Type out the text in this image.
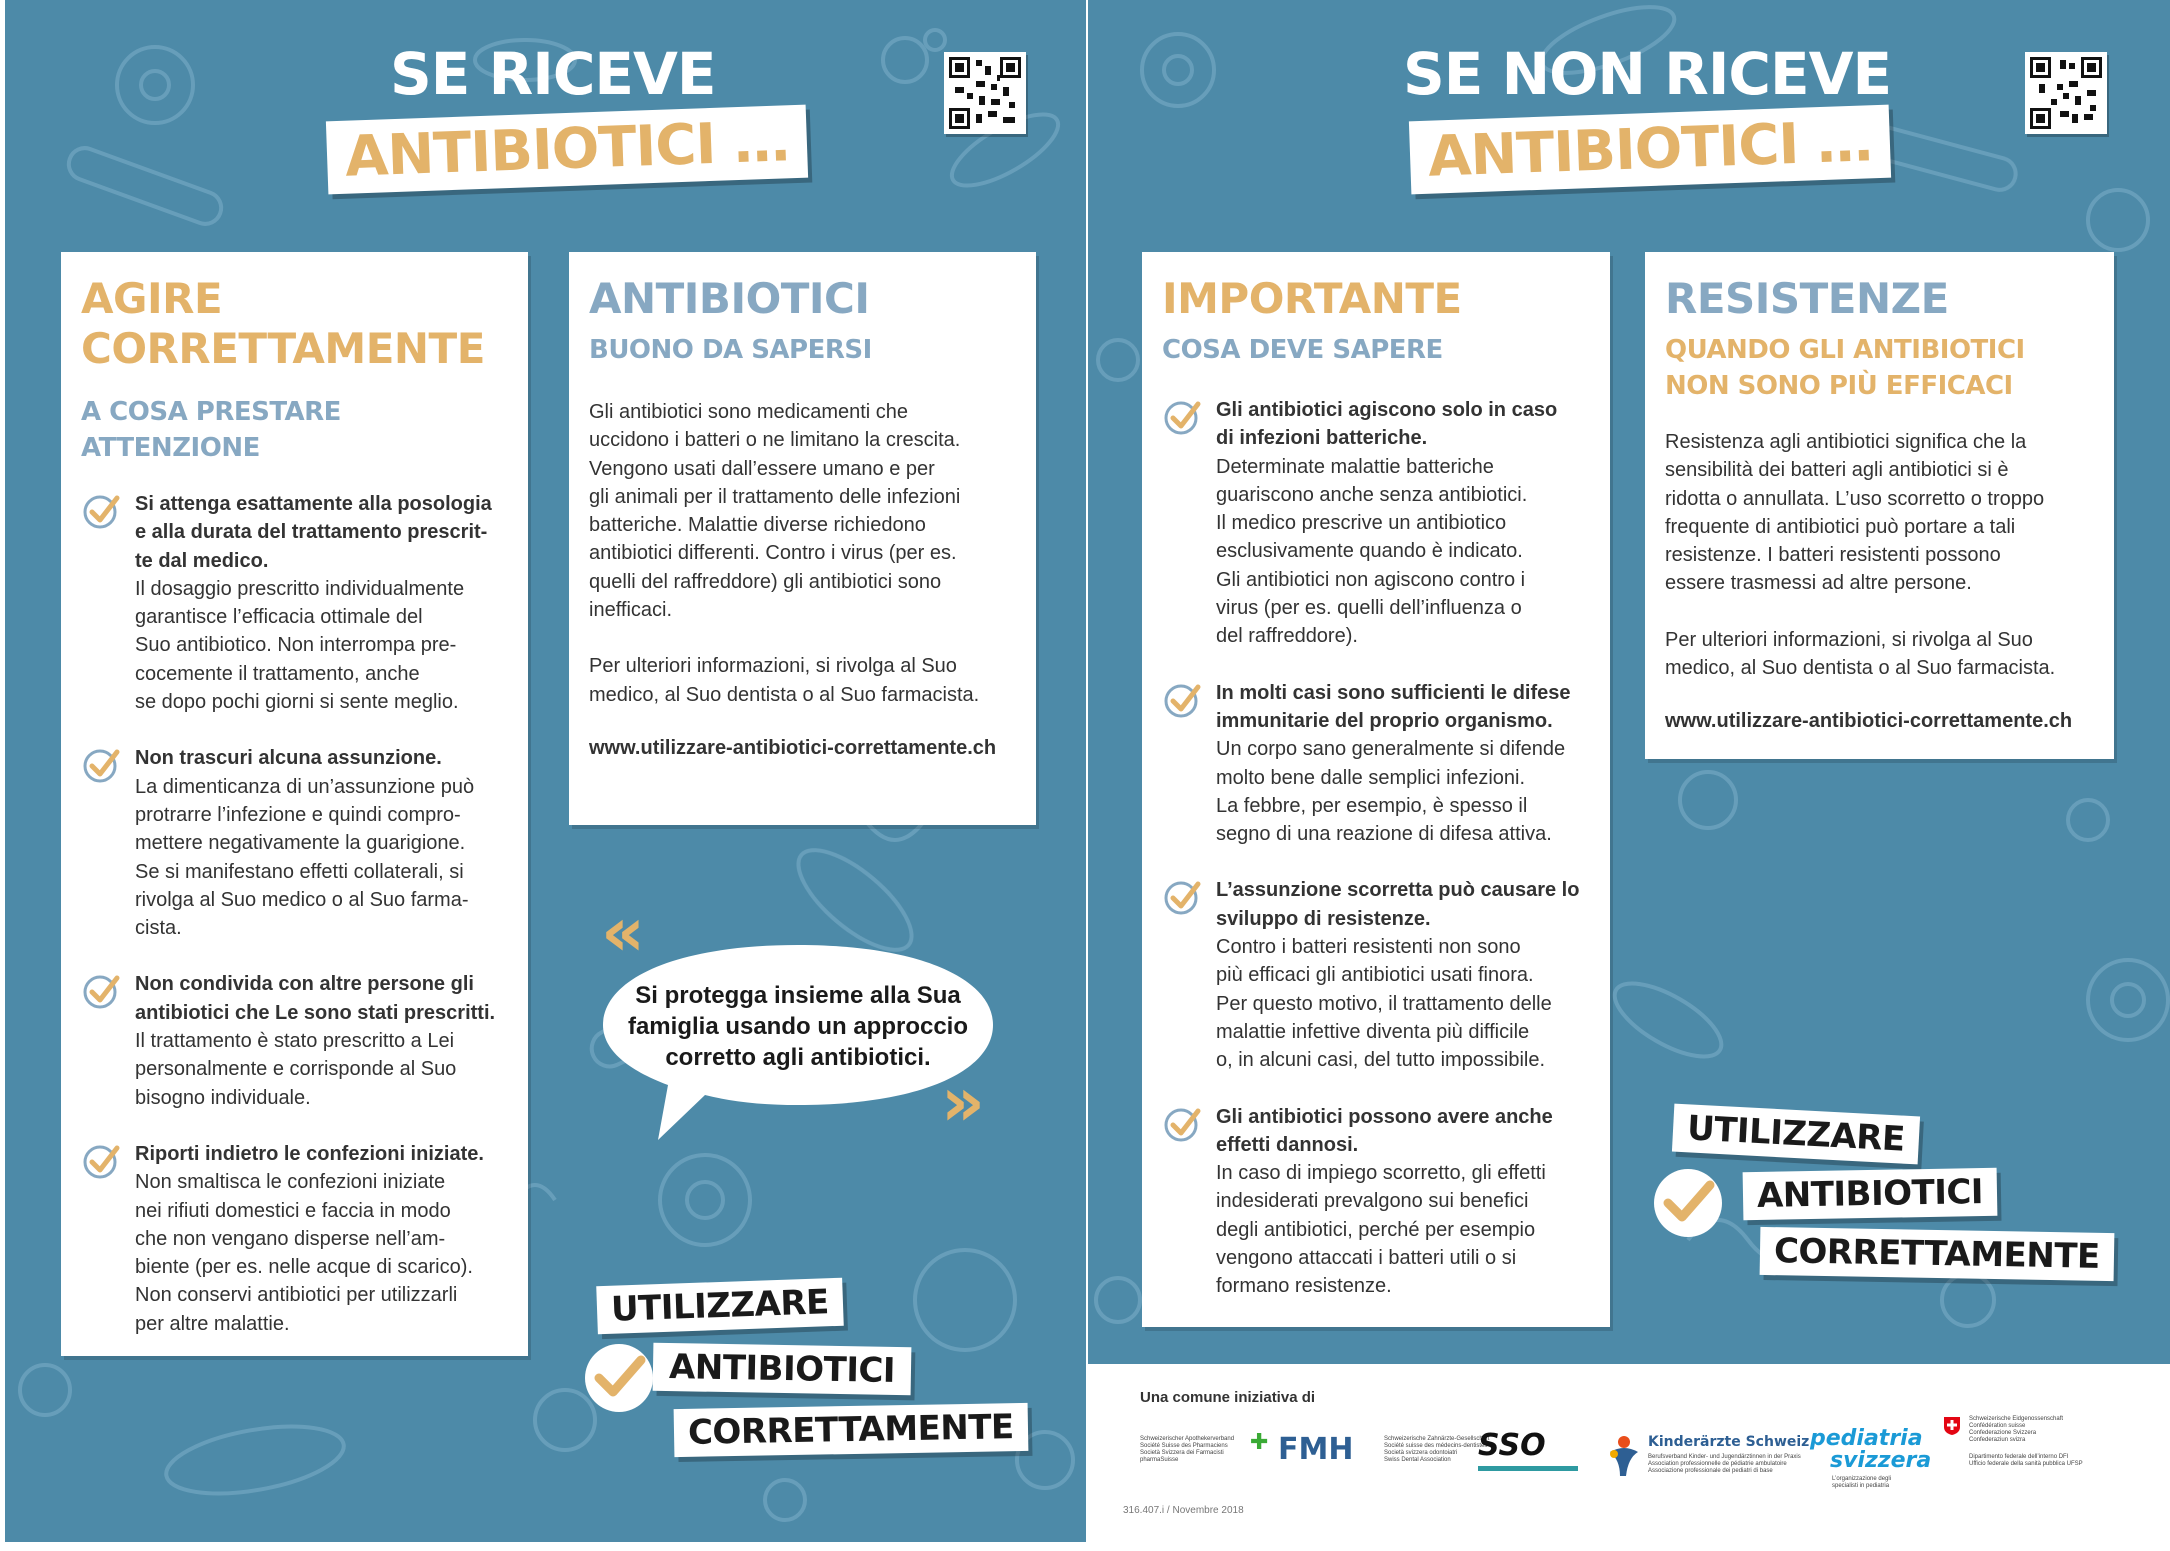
SE RICEVE
ANTIBIOTICI …
AGIRE
CORRETTAMENTE
A COSA PRESTARE
ATTENZIONE
Si attenga esattamente alla posologia
e alla durata del trattamento prescrit-
te dal medico.
Il dosaggio prescritto individualmente
garantisce l’efficacia ottimale del
Suo antibiotico. Non interrompa pre-
cocemente il trattamento, anche
se dopo pochi giorni si sente meglio.
Non trascuri alcuna assunzione.
La dimenticanza di un’assunzione può
protrarre l’infezione e quindi compro-
mettere negativamente la guarigione.
Se si manifestano effetti collaterali, si
rivolga al Suo medico o al Suo farma-
cista.
Non condivida con altre persone gli
antibiotici che Le sono stati prescritti.
Il trattamento è stato prescritto a Lei
personalmente e corrisponde al Suo
bisogno individuale.
Riporti indietro le confezioni iniziate.
Non smaltisca le confezioni iniziate
nei rifiuti domestici e faccia in modo
che non vengano disperse nell’am-
biente (per es. nelle acque di scarico).
Non conservi antibiotici per utilizzarli
per altre malattie.
ANTIBIOTICI
BUONO DA SAPERSI

Gli antibiotici sono medicamenti che
uccidono i batteri o ne limitano la crescita.
Vengono usati dall’essere umano e per
gli animali per il trattamento delle infezioni
batteriche. Malattie diverse richiedono
antibiotici differenti. Contro i virus (per es.
quelli del raffreddore) gli antibiotici sono
inefficaci.

Per ulteriori informazioni, si rivolga al Suo
medico, al Suo dentista o al Suo farmacista.

www.utilizzare-antibiotici-correttamente.ch
«
»
Si protegga insieme alla Sua
famiglia usando un approccio
corretto agli antibiotici.
UTILIZZARE
ANTIBIOTICI
CORRETTAMENTE
SE NON RICEVE
ANTIBIOTICI …
IMPORTANTE
COSA DEVE SAPERE
Gli antibiotici agiscono solo in caso
di infezioni batteriche.
Determinate malattie batteriche
guariscono anche senza antibiotici.
Il medico prescrive un antibiotico
esclusivamente quando è indicato.
Gli antibiotici non agiscono contro i
virus (per es. quelli dell’influenza o
del raffreddore).
In molti casi sono sufficienti le difese
immunitarie del proprio organismo.
Un corpo sano generalmente si difende
molto bene dalle semplici infezioni.
La febbre, per esempio, è spesso il
segno di una reazione di difesa attiva.
L’assunzione scorretta può causare lo
sviluppo di resistenze.
Contro i batteri resistenti non sono
più efficaci gli antibiotici usati finora.
Per questo motivo, il trattamento delle
malattie infettive diventa più difficile
o, in alcuni casi, del tutto impossibile.
Gli antibiotici possono avere anche
effetti dannosi.
In caso di impiego scorretto, gli effetti
indesiderati prevalgono sui benefici
degli antibiotici, perché per esempio
vengono attaccati i batteri utili o si
formano resistenze.
RESISTENZE
QUANDO GLI ANTIBIOTICI
NON SONO PIÙ EFFICACI

Resistenza agli antibiotici significa che la
sensibilità dei batteri agli antibiotici si è
ridotta o annullata. L’uso scorretto o troppo
frequente di antibiotici può portare a tali
resistenze. I batteri resistenti possono
essere trasmessi ad altre persone.

Per ulteriori informazioni, si rivolga al Suo
medico, al Suo dentista o al Suo farmacista.

www.utilizzare-antibiotici-correttamente.ch
UTILIZZARE
ANTIBIOTICI
CORRETTAMENTE
Una comune iniziativa di
Schweizerischer Apothekerverband
Société Suisse des Pharmaciens
Società Svizzera dei Farmacisti
pharmaSuisse
✚ FMH	Schweizerische Zahnärzte-Gesellschaft
Société suisse des médecins-dentistes
Società svizzera odontoiatri
Swiss Dental Association SSO	Kinderärzte Schweiz
Berufsverband Kinder- und Jugendärztinnen in der Praxis
Association professionnelle de pédiatrie ambulatoire
Associazione professionale dei pediatri di base
pediatria
svizzera
L’organizzazione degli
specialisti in pediatria
Schweizerische Eidgenossenschaft
Confédération suisse
Confederazione Svizzera
Confederaziun svizra
Dipartimento federale dell’interno DFI
Ufficio federale della sanità pubblica UFSP
316.407.i / Novembre 2018
